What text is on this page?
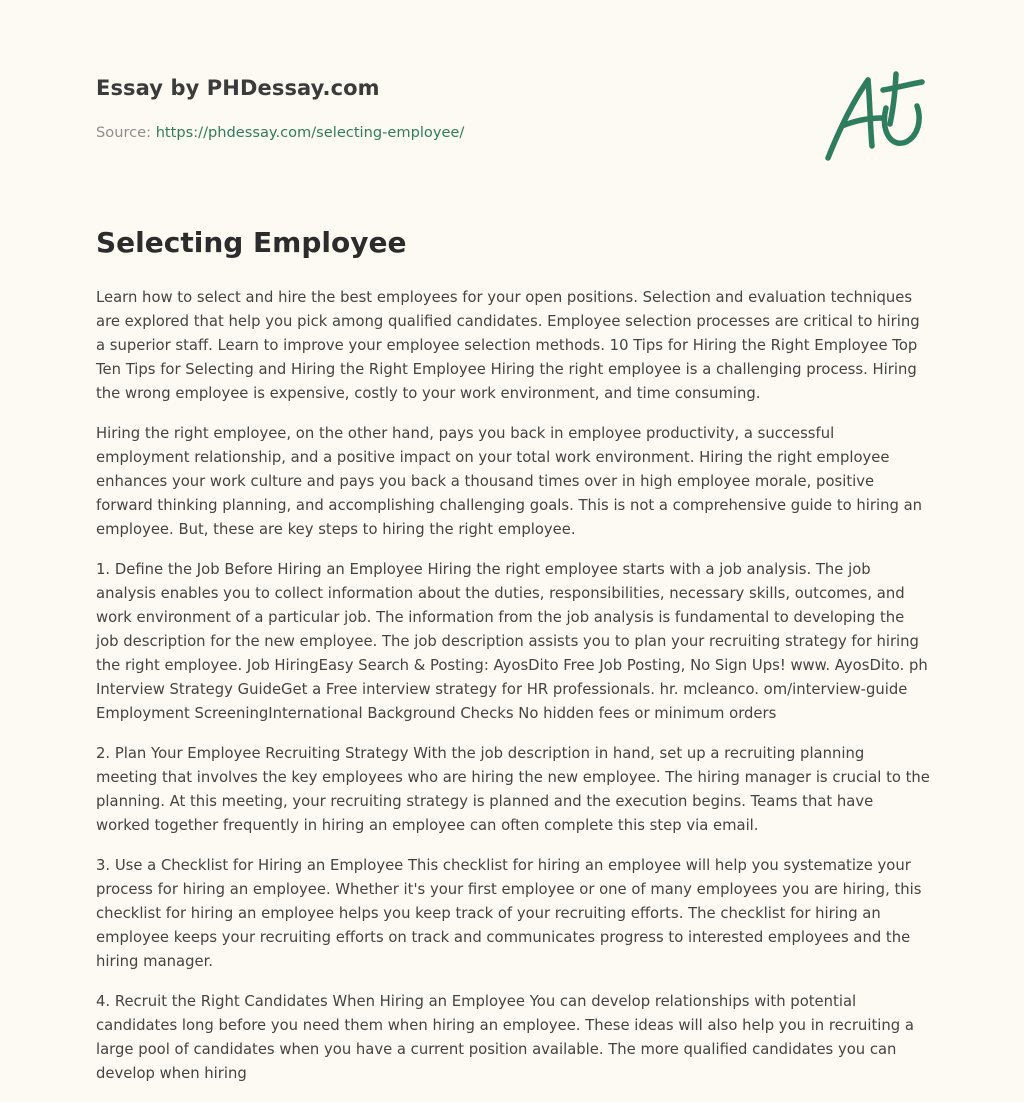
Essay by PHDessay.com

Source: https://phdessay.com/selecting-employee/

Selecting Employee

Learn how to select and hire the best employees for your open positions. Selection and evaluation techniques are explored that help you pick among qualified candidates. Employee selection processes are critical to hiring a superior staff. Learn to improve your employee selection methods. 10 Tips for Hiring the Right Employee Top Ten Tips for Selecting and Hiring the Right Employee Hiring the right employee is a challenging process. Hiring the wrong employee is expensive, costly to your work environment, and time consuming.

Hiring the right employee, on the other hand, pays you back in employee productivity, a successful employment relationship, and a positive impact on your total work environment. Hiring the right employee enhances your work culture and pays you back a thousand times over in high employee morale, positive forward thinking planning, and accomplishing challenging goals. This is not a comprehensive guide to hiring an employee. But, these are key steps to hiring the right employee.

1. Define the Job Before Hiring an Employee Hiring the right employee starts with a job analysis. The job analysis enables you to collect information about the duties, responsibilities, necessary skills, outcomes, and work environment of a particular job. The information from the job analysis is fundamental to developing the job description for the new employee. The job description assists you to plan your recruiting strategy for hiring the right employee. Job HiringEasy Search & Posting: AyosDito Free Job Posting, No Sign Ups! www. AyosDito. ph Interview Strategy GuideGet a Free interview strategy for HR professionals. hr. mcleanco. om/interview-guide Employment ScreeningInternational Background Checks No hidden fees or minimum orders

2. Plan Your Employee Recruiting Strategy With the job description in hand, set up a recruiting planning meeting that involves the key employees who are hiring the new employee. The hiring manager is crucial to the planning. At this meeting, your recruiting strategy is planned and the execution begins. Teams that have worked together frequently in hiring an employee can often complete this step via email.

3. Use a Checklist for Hiring an Employee This checklist for hiring an employee will help you systematize your process for hiring an employee. Whether it's your first employee or one of many employees you are hiring, this checklist for hiring an employee helps you keep track of your recruiting efforts. The checklist for hiring an employee keeps your recruiting efforts on track and communicates progress to interested employees and the hiring manager.

4. Recruit the Right Candidates When Hiring an Employee You can develop relationships with potential candidates long before you need them when hiring an employee. These ideas will also help you in recruiting a large pool of candidates when you have a current position available. The more qualified candidates you can develop when hiring
